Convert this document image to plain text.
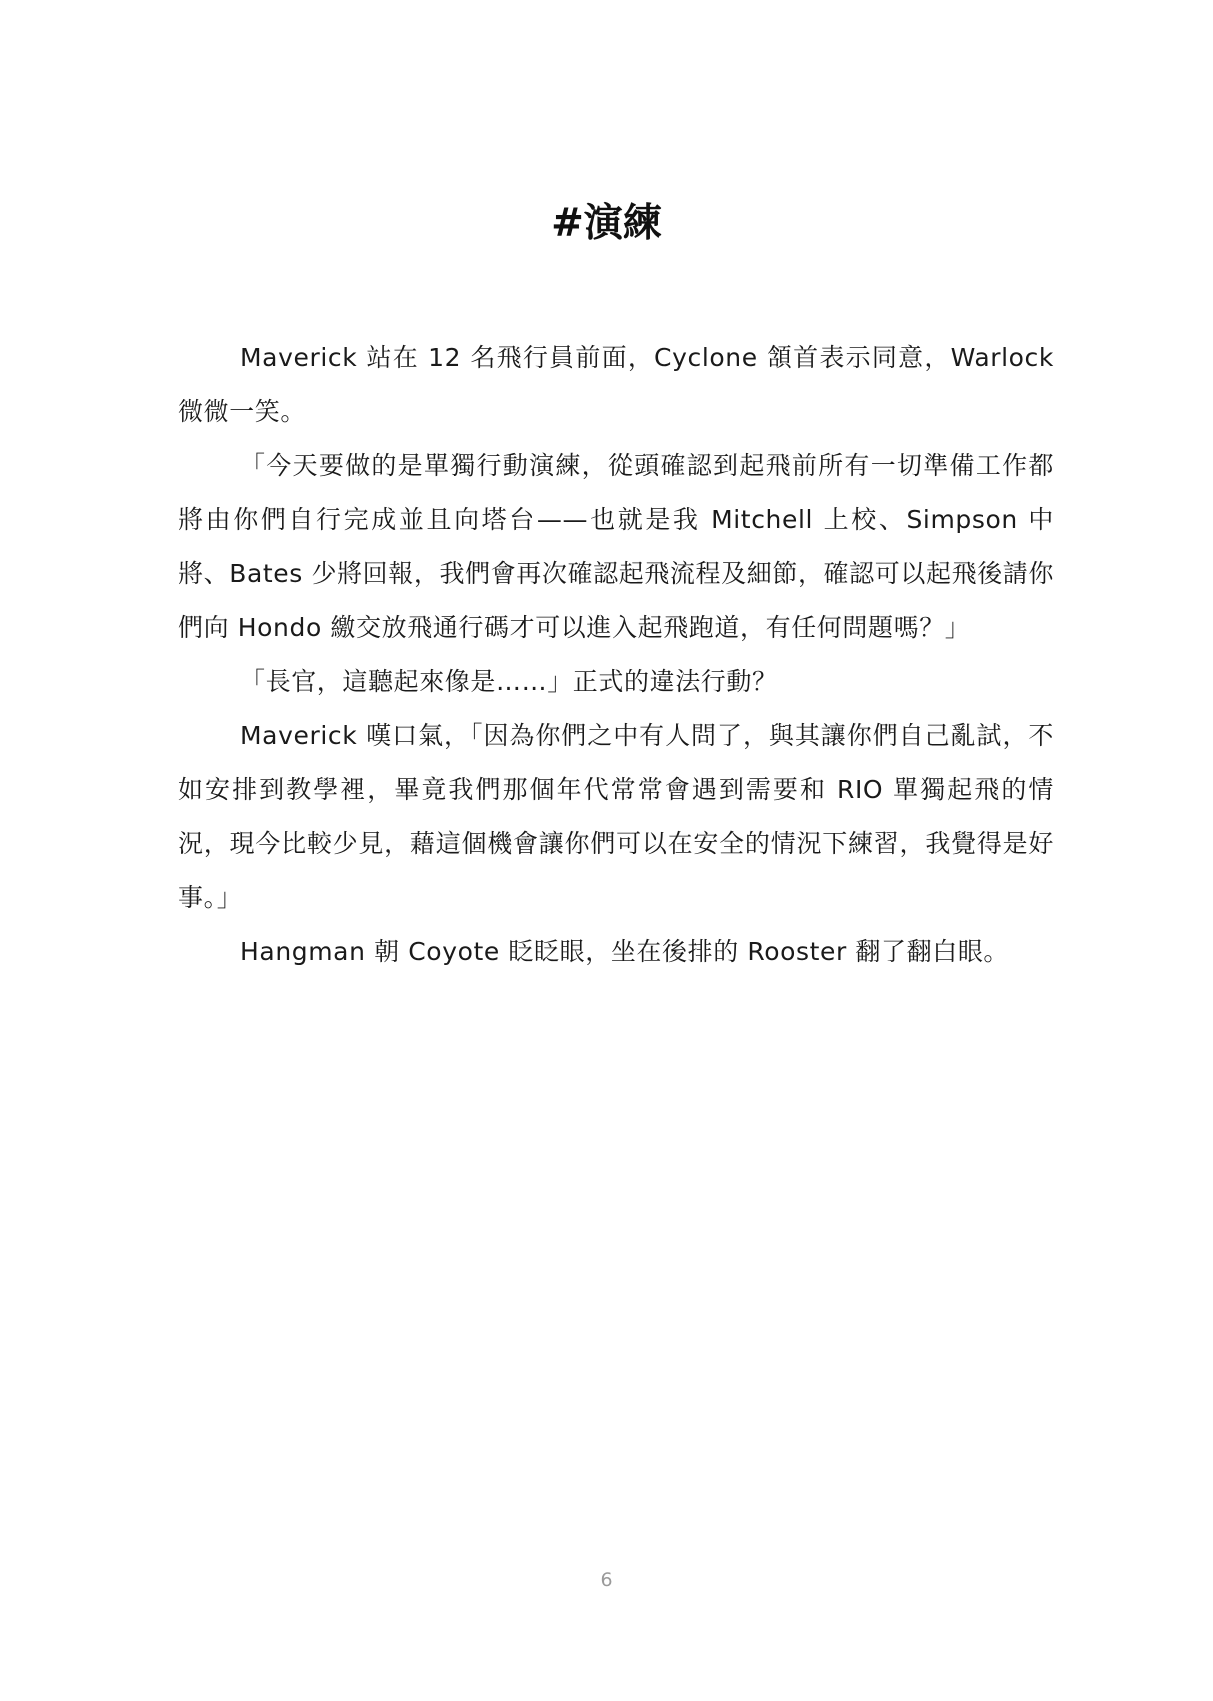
#演練

Maverick 站在 12 名飛行員前面，Cyclone 頷首表示同意，Warlock 微微一笑。

「今天要做的是單獨行動演練，從頭確認到起飛前所有一切準備工作都將由你們自行完成並且向塔台——也就是我 Mitchell 上校、Simpson 中將、Bates 少將回報，我們會再次確認起飛流程及細節，確認可以起飛後請你們向 Hondo 繳交放飛通行碼才可以進入起飛跑道，有任何問題嗎？」

「長官，這聽起來像是……」正式的違法行動？

Maverick 嘆口氣，「因為你們之中有人問了，與其讓你們自己亂試，不如安排到教學裡，畢竟我們那個年代常常會遇到需要和 RIO 單獨起飛的情況，現今比較少見，藉這個機會讓你們可以在安全的情況下練習，我覺得是好事。」

Hangman 朝 Coyote 眨眨眼，坐在後排的 Rooster 翻了翻白眼。

6
